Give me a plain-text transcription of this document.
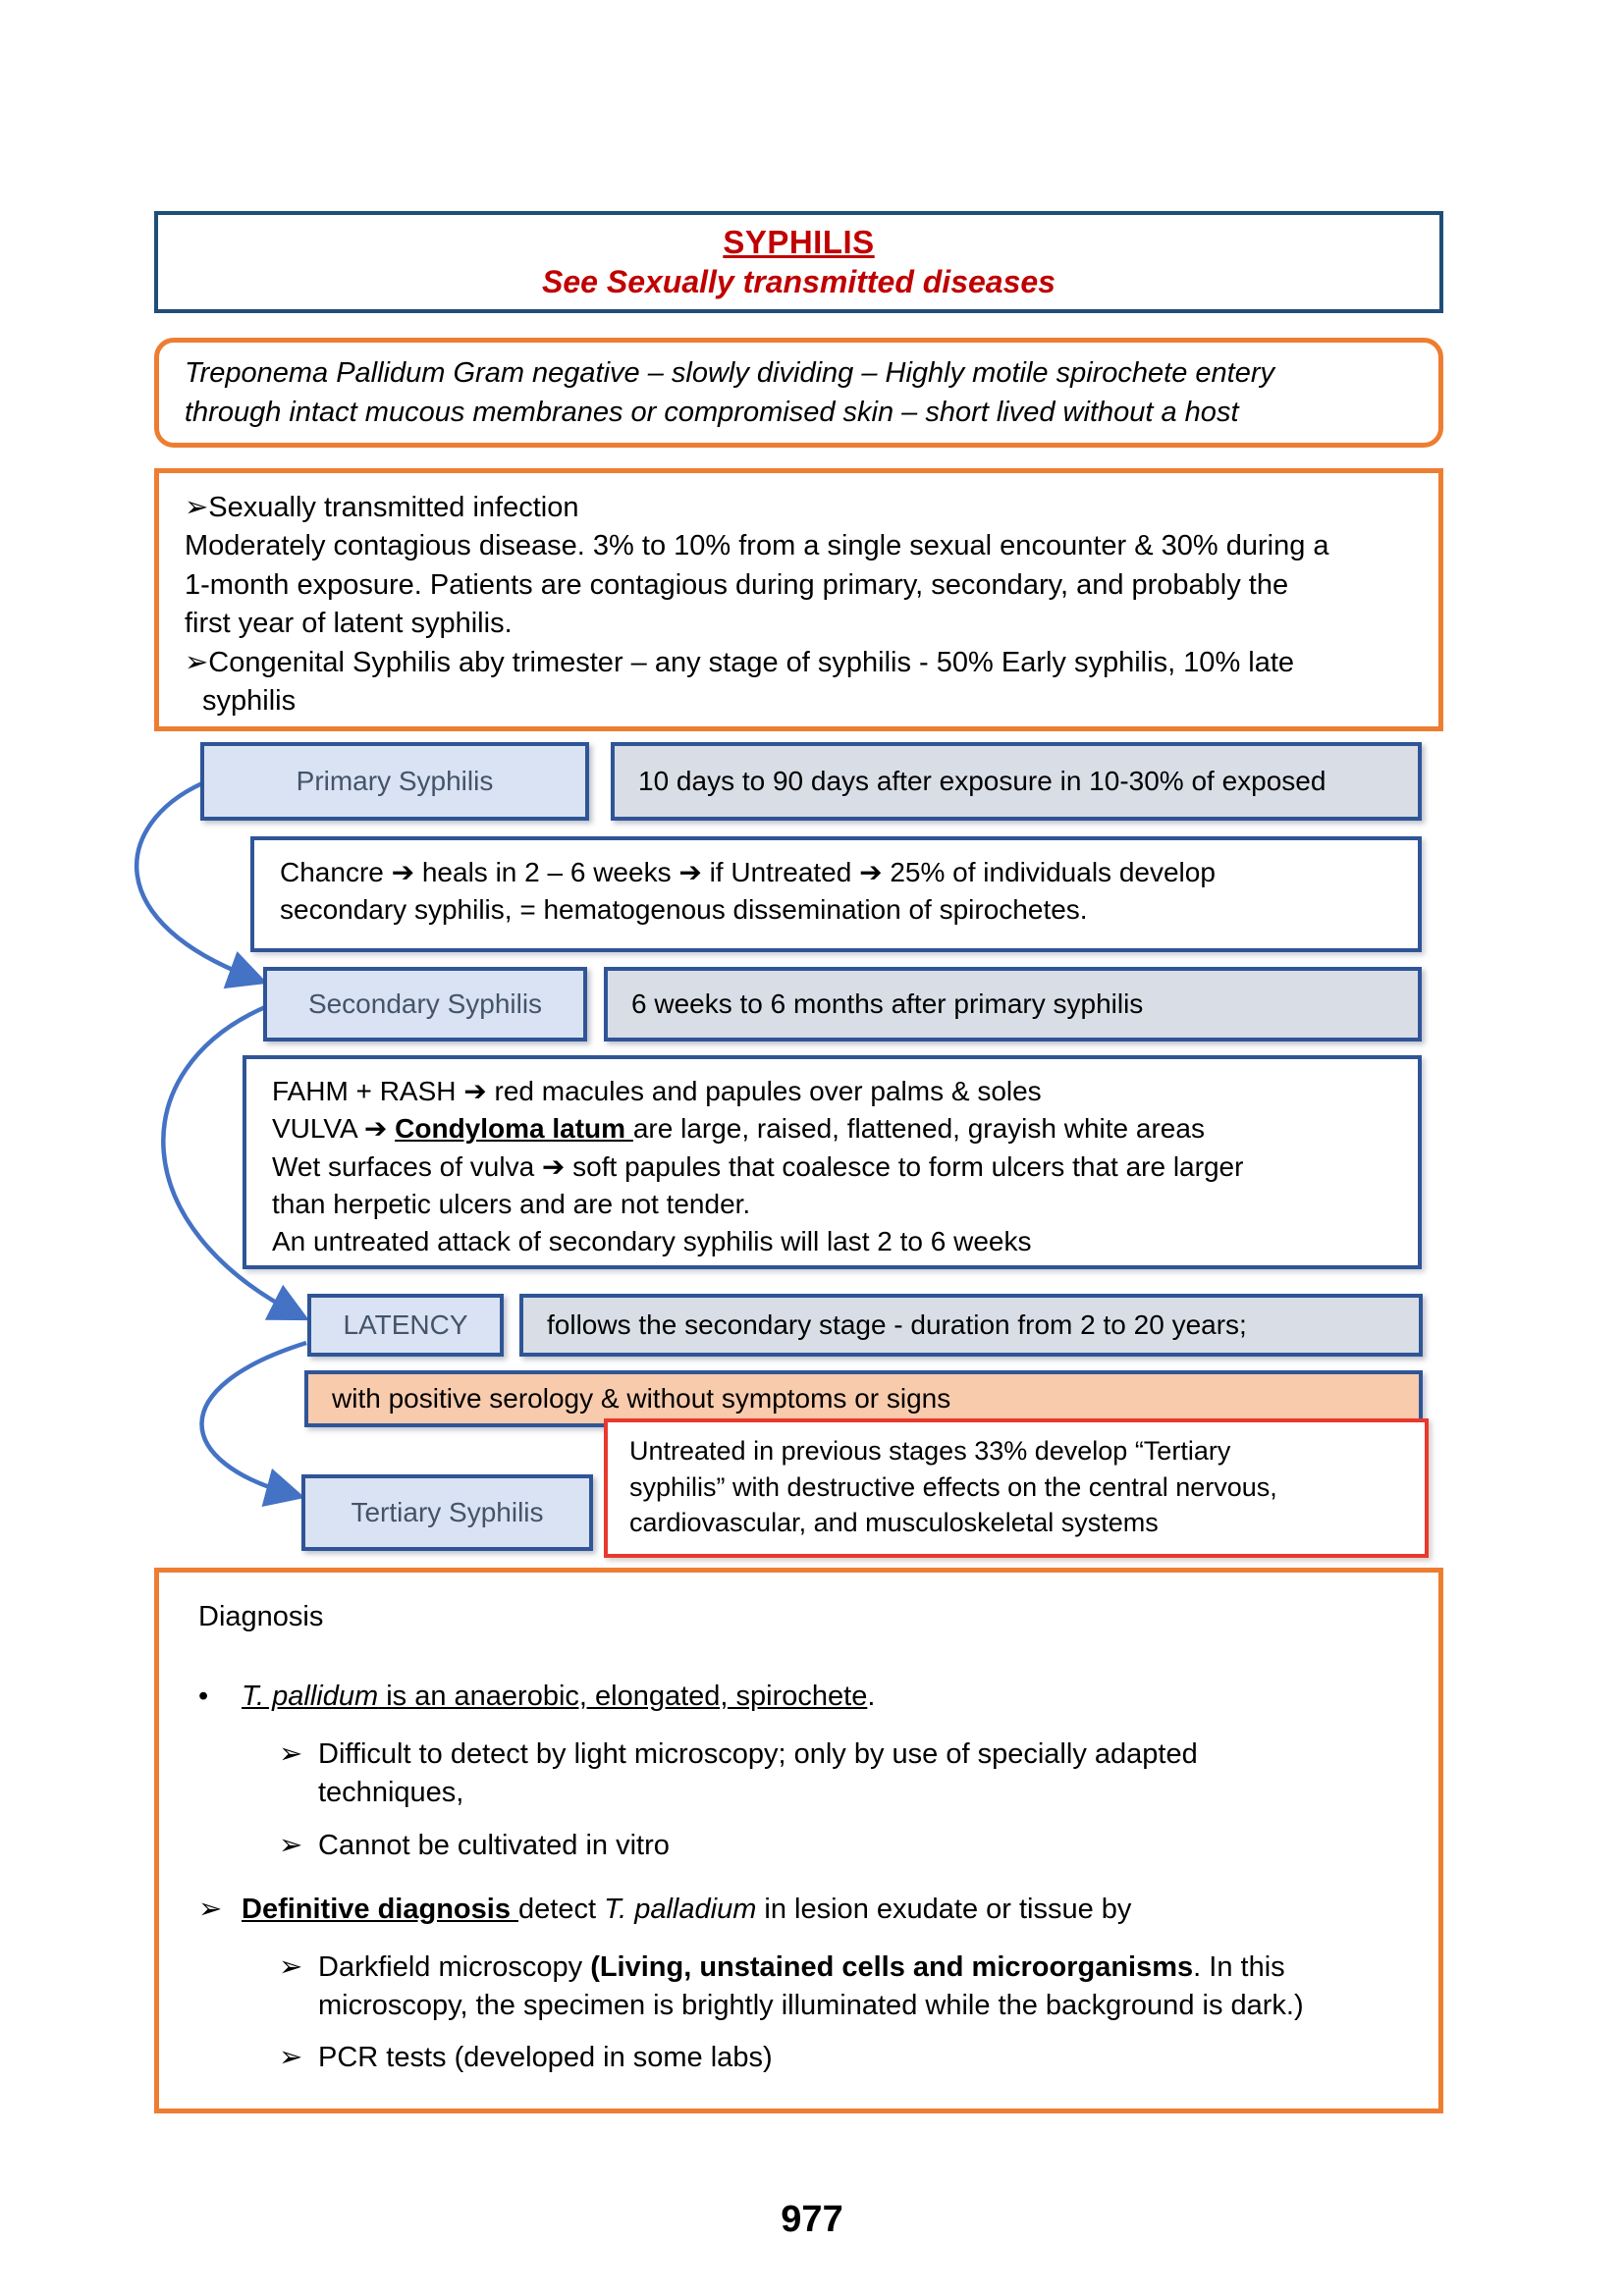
SYPHILIS
See Sexually transmitted diseases
Treponema Pallidum Gram negative – slowly dividing – Highly motile spirochete entery
through intact mucous membranes or compromised skin – short lived without a host

➢Sexually transmitted infection

Moderately contagious disease. 3% to 10% from a single sexual encounter & 30% during a
1-month exposure. Patients are contagious during primary, secondary, and probably the
first year of latent syphilis.

➢Congenital Syphilis aby trimester – any stage of syphilis - 50% Early syphilis, 10% late
syphilis

Primary Syphilis	10 days to 90 days after exposure in 10-30% of exposed
Chancre ➔ heals in 2 – 6 weeks ➔ if Untreated ➔ 25% of individuals develop
secondary syphilis, = hematogenous dissemination of spirochetes.
Secondary Syphilis	6 weeks to 6 months after primary syphilis
FAHM + RASH ➔ red macules and papules over palms & soles
VULVA ➔ Condyloma latum are large, raised, flattened, grayish white areas
Wet surfaces of vulva ➔ soft papules that coalesce to form ulcers that are larger
than herpetic ulcers and are not tender.
An untreated attack of secondary syphilis will last 2 to 6 weeks
LATENCY	follows the secondary stage - duration from 2 to 20 years;
with positive serology & without symptoms or signs
Tertiary Syphilis
Untreated in previous stages 33% develop “Tertiary
syphilis” with destructive effects on the central nervous,
cardiovascular, and musculoskeletal systems

Diagnosis

•	T. pallidum is an anaerobic, elongated, spirochete.
➢ Difficult to detect by light microscopy; only by use of specially adapted
techniques,
➢ Cannot be cultivated in vitro
➢ Definitive diagnosis detect T. palladium in lesion exudate or tissue by
➢ Darkfield microscopy (Living, unstained cells and microorganisms. In this
microscopy, the specimen is brightly illuminated while the background is dark.)
➢ PCR tests (developed in some labs)
977
